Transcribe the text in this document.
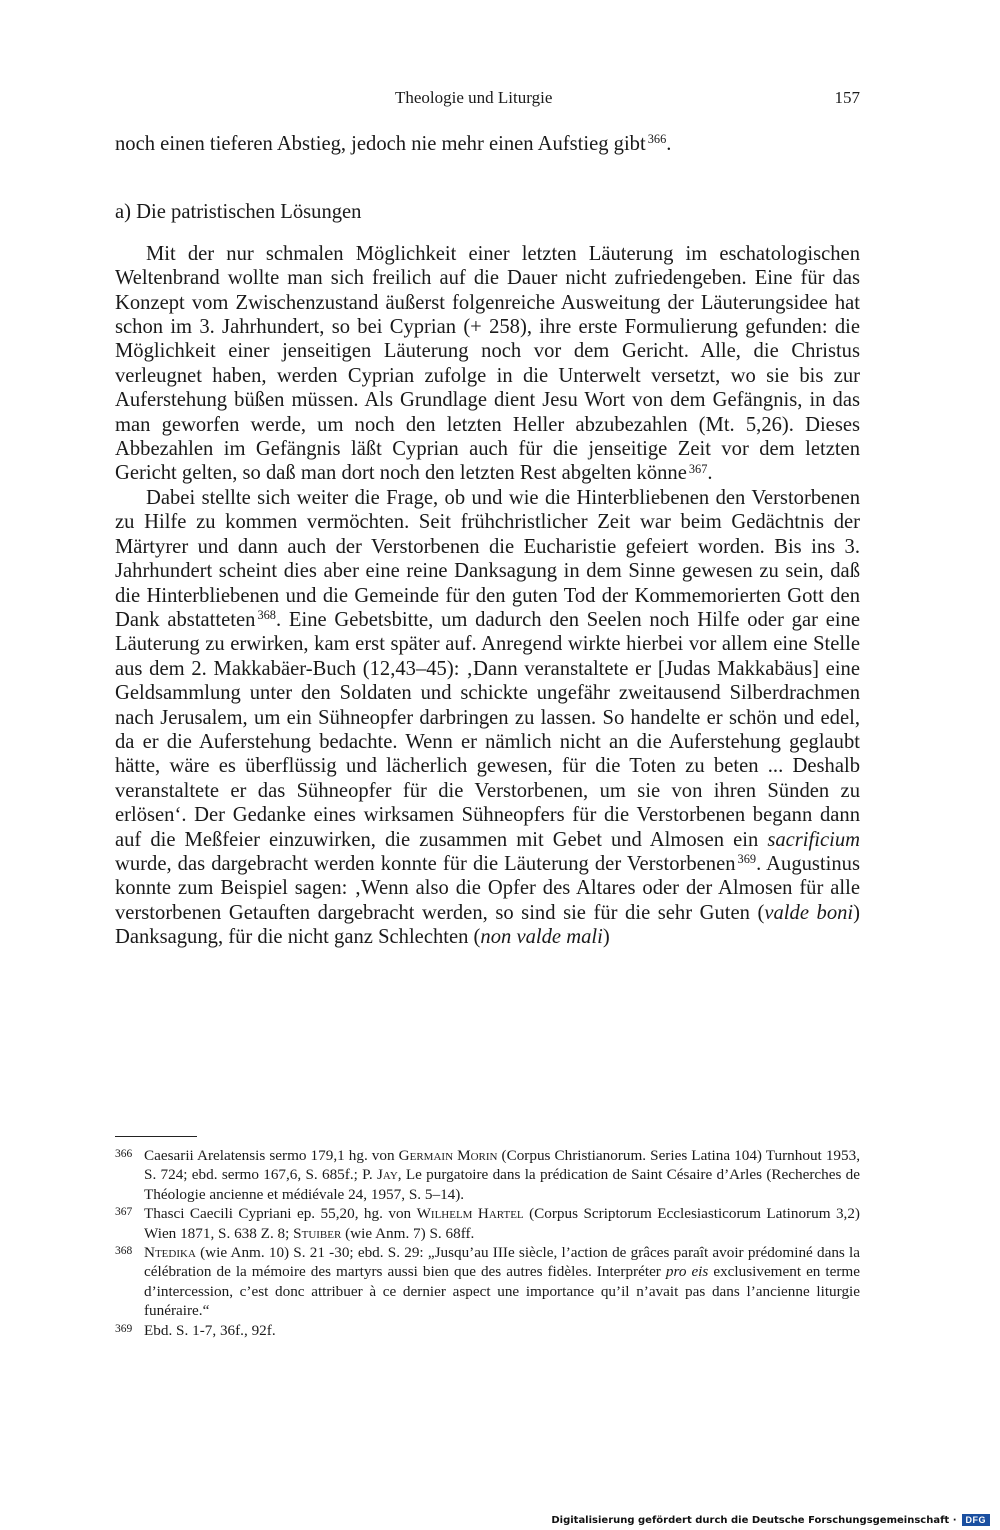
Theologie und Liturgie	157

noch einen tieferen Abstieg, jedoch nie mehr einen Aufstieg gibt $^{366}$.

a) Die patristischen Lösungen

Mit der nur schmalen Möglichkeit einer letzten Läuterung im eschatologischen Weltenbrand wollte man sich freilich auf die Dauer nicht zufriedengeben. Eine für das Konzept vom Zwischenzustand äußerst folgenreiche Ausweitung der Läuterungsidee hat schon im 3. Jahrhundert, so bei Cyprian (+ 258), ihre erste Formulierung gefunden: die Möglichkeit einer jenseitigen Läuterung noch vor dem Gericht. Alle, die Christus verleugnet haben, werden Cyprian zufolge in die Unterwelt versetzt, wo sie bis zur Auferstehung büßen müssen. Als Grundlage dient Jesu Wort von dem Gefängnis, in das man geworfen werde, um noch den letzten Heller abzubezahlen (Mt. 5,26). Dieses Abbezahlen im Gefängnis läßt Cyprian auch für die jenseitige Zeit vor dem letzten Gericht gelten, so daß man dort noch den letzten Rest abgelten könne $^{367}$.

Dabei stellte sich weiter die Frage, ob und wie die Hinterbliebenen den Verstorbenen zu Hilfe zu kommen vermöchten. Seit frühchristlicher Zeit war beim Gedächtnis der Märtyrer und dann auch der Verstorbenen die Eucharistie gefeiert worden. Bis ins 3. Jahrhundert scheint dies aber eine reine Danksagung in dem Sinne gewesen zu sein, daß die Hinterbliebenen und die Gemeinde für den guten Tod der Kommemorierten Gott den Dank abstatteten $^{368}$. Eine Gebetsbitte, um dadurch den Seelen noch Hilfe oder gar eine Läuterung zu erwirken, kam erst später auf. Anregend wirkte hierbei vor allem eine Stelle aus dem 2. Makkabäer-Buch (12,43–45): ‚Dann veranstaltete er [Judas Makkabäus] eine Geldsammlung unter den Soldaten und schickte ungefähr zweitausend Silberdrachmen nach Jerusalem, um ein Sühneopfer darbringen zu lassen. So handelte er schön und edel, da er die Auferstehung bedachte. Wenn er nämlich nicht an die Auferstehung geglaubt hätte, wäre es überflüssig und lächerlich gewesen, für die Toten zu beten ... Deshalb veranstaltete er das Sühneopfer für die Verstorbenen, um sie von ihren Sünden zu erlösen‘. Der Gedanke eines wirksamen Sühneopfers für die Verstorbenen begann dann auf die Meßfeier einzuwirken, die zusammen mit Gebet und Almosen ein sacrificium wurde, das dargebracht werden konnte für die Läuterung der Verstorbenen $^{369}$. Augustinus konnte zum Beispiel sagen: ‚Wenn also die Opfer des Altares oder der Almosen für alle verstorbenen Getauften dargebracht werden, so sind sie für die sehr Guten (valde boni) Danksagung, für die nicht ganz Schlechten (non valde mali)

366 Caesarii Arelatensis sermo 179,1 hg. von Germain Morin (Corpus Christianorum. Series Latina 104) Turnhout 1953, S. 724; ebd. sermo 167,6, S. 685f.; P. Jay, Le purgatoire dans la prédication de Saint Césaire d’Arles (Recherches de Théologie ancienne et médiévale 24, 1957, S. 5–14).

367 Thasci Caecili Cypriani ep. 55,20, hg. von Wilhelm Hartel (Corpus Scriptorum Ecclesiasticorum Latinorum 3,2) Wien 1871, S. 638 Z. 8; Stuiber (wie Anm. 7) S. 68ff.

368 Ntedika (wie Anm. 10) S. 21 -30; ebd. S. 29: „Jusqu’au IIIe siècle, l’action de grâces paraît avoir prédominé dans la célébration de la mémoire des martyrs aussi bien que des autres fidèles. Interpréter pro eis exclusivement en terme d’intercession, c’est donc attribuer à ce dernier aspect une importance qu’il n’avait pas dans l’ancienne liturgie funéraire.“

369 Ebd. S. 1-7, 36f., 92f.

Digitalisierung gefördert durch die Deutsche Forschungsgemeinschaft ·	DFG
